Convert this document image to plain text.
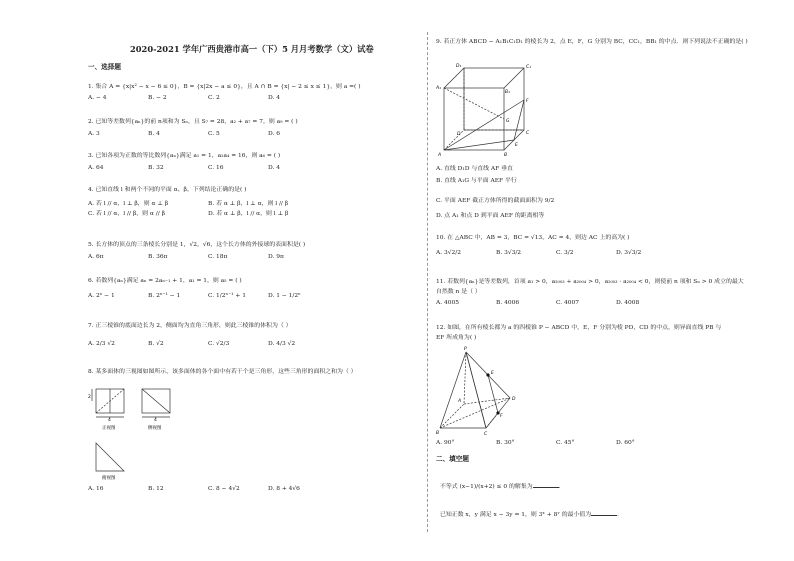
2020-2021 学年广西贵港市高一（下）5 月月考数学（文）试卷
一、选择题
1. 集合 A = {x|x² − x − 6 ≤ 0}，B = {x|2x − a ≤ 0}，且 A ∩ B = {x| − 2 ≤ x ≤ 1}，则 a =( )
A. − 4	B. − 2	C. 2	D. 4
2. 已知等差数列{aₙ}的前 n项和为 Sₙ，且 S₇ = 28，a₂ + a₇ = 7，则 a₉ = ( )
A. 3	B. 4	C. 5	D. 6
3. 已知各项为正数的等比数列{aₙ}满足 a₁ = 1，a₂a₄ = 16，则 a₆ = ( )
A. 64	B. 32	C. 16	D. 4
4. 已知直线 l 和两个不同的平面 α、β，下列结论正确的是( )
A. 若 l // α，l ⊥ β，则 α ⊥ β	B. 若 α ⊥ β，l ⊥ α，则 l // β
C. 若 l // α，l // β，则 α // β	D. 若 α ⊥ β，l // α，则 l ⊥ β
5. 长方体的顶点的三条棱长分别是 1，√2，√6，这个长方体的外接球的表面积是( )
A. 6π	B. 36π	C. 18π	D. 9π
6. 若数列{aₙ}满足 aₙ = 2aₙ₋₁ + 1，a₁ = 1，则 a₅ = ( )
A. 2ⁿ − 1	B. 2ⁿ⁻¹ − 1	C. 1/2ⁿ⁻¹ + 1	D. 1 − 1/2ⁿ
7. 正三棱锥的底面边长为 2，侧面均为直角三角形，则此三棱锥的体积为（ ）
A. 2/3 √2	B. √2	C. √2/3	D. 4/3 √2
8. 某多面体的三视图如图所示，该多面体的各个面中有若干个是三角形，这些三角形的面积之和为（ ）
4	4
2
正视图	侧视图
俯视图
A. 16	B. 12	C. 8 − 4√2	D. 8 + 4√6
9. 若正方体 ABCD − A₁B₁C₁D₁ 的棱长为 2，点 E，F，G 分别为 BC，CC₁，BB₁ 的中点．则下列说法不正确的是( )
D₁	C₁
A₁
B₁
D	C
A	B
E
F
G
A. 直线 D₁D 与直线 AF 垂直
B. 直线 A₁G 与平面 AEF 平行
C. 平面 AEF 截正方体所得的截面面积为 9/2
D. 点 A₁ 和点 D 到平面 AEF 的距离相等
10. 在 △ABC 中，AB = 3，BC = √13，AC = 4，则边 AC 上的高为( )
A. 3√2/2	B. 3√3/2	C. 3/2	D. 3√3/2
11. 若数列{aₙ}是等差数列，首项 a₁ > 0，a₂₀₀₃ + a₂₀₀₄ > 0，a₂₀₀₃ · a₂₀₀₄ < 0，则使前 n 项和 Sₙ > 0 成立的最大
自然数 n 是（ ）
A. 4005	B. 4006	C. 4007	D. 4008
12. 如图，在所有棱长都为 a 的四棱锥 P − ABCD 中，E，F 分别为棱 PD，CD 的中点，则异面直线 PB 与
EF 所成角为( )
P
A
B	C
D
E
F
A. 90°	B. 30°	C. 45°	D. 60°
二、填空题
不等式 (x−1)/(x+2) ≤ 0 的解集为	．
已知正数 x，y 满足 x − 3y = 1，则 3ˣ + 8ʸ 的最小值为	．
